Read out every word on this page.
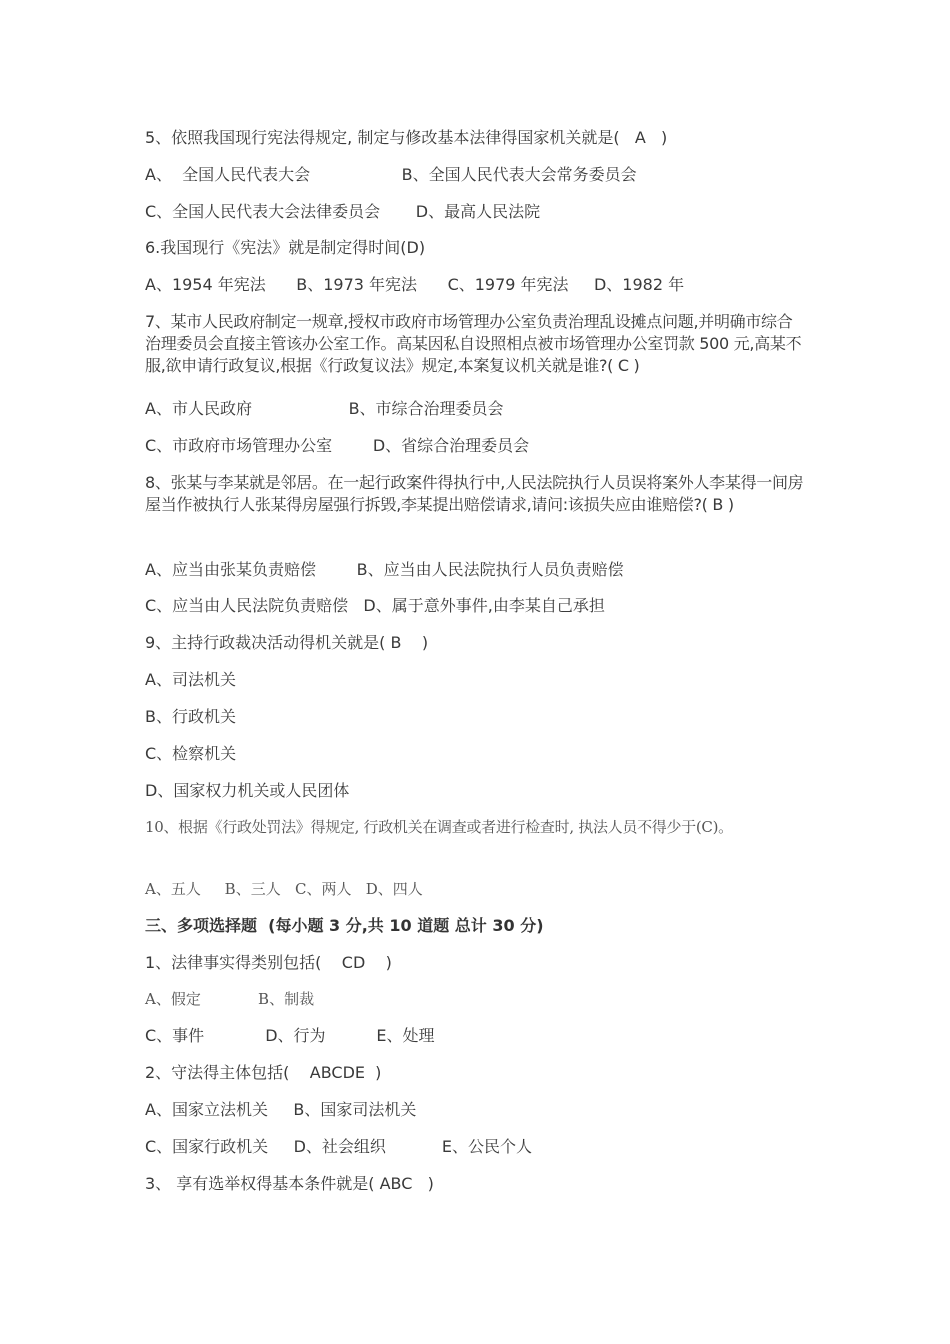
5、依照我国现行宪法得规定, 制定与修改基本法律得国家机关就是(   A   )

A、  全国人民代表大会                  B、全国人民代表大会常务委员会

C、全国人民代表大会法律委员会       D、最高人民法院

6.我国现行《宪法》就是制定得时间(D)

A、1954 年宪法      B、1973 年宪法      C、1979 年宪法     D、1982 年

7、某市人民政府制定一规章,授权市政府市场管理办公室负责治理乱设摊点问题,并明确市综合治理委员会直接主管该办公室工作。高某因私自设照相点被市场管理办公室罚款 500 元,高某不服,欲申请行政复议,根据《行政复议法》规定,本案复议机关就是谁?( C )

A、市人民政府                   B、市综合治理委员会

C、市政府市场管理办公室        D、省综合治理委员会

8、张某与李某就是邻居。在一起行政案件得执行中,人民法院执行人员误将案外人李某得一间房屋当作被执行人张某得房屋强行拆毁,李某提出赔偿请求,请问:该损失应由谁赔偿?( B )

A、应当由张某负责赔偿        B、应当由人民法院执行人员负责赔偿

C、应当由人民法院负责赔偿   D、属于意外事件,由李某自己承担

9、主持行政裁决活动得机关就是( B    )

A、司法机关

B、行政机关

C、检察机关

D、国家权力机关或人民团体

10、根据《行政处罚法》得规定, 行政机关在调查或者进行检查时, 执法人员不得少于(C)。

A、五人     B、三人   C、两人   D、四人

三、多项选择题  (每小题 3 分,共 10 道题 总计 30 分)

1、法律事实得类别包括(    CD    )

A、假定            B、制裁

C、事件            D、行为          E、处理

2、守法得主体包括(    ABCDE  )

A、国家立法机关     B、国家司法机关

C、国家行政机关     D、社会组织           E、公民个人

3、 享有选举权得基本条件就是( ABC   )
